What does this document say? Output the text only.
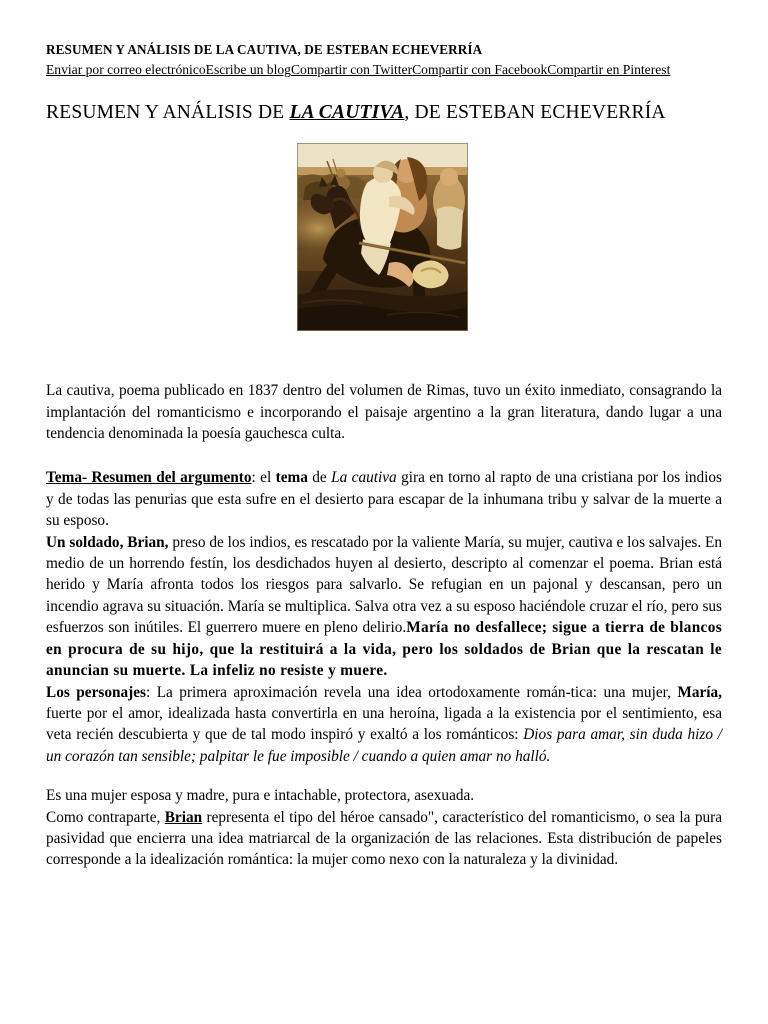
RESUMEN Y ANÁLISIS DE LA CAUTIVA, DE ESTEBAN ECHEVERRÍA
Enviar por correo electrónicoEscribe un blogCompartir con TwitterCompartir con FacebookCompartir en Pinterest
RESUMEN Y ANÁLISIS DE LA CAUTIVA, DE ESTEBAN ECHEVERRÍA

La cautiva, poema publicado en 1837 dentro del volumen de Rimas, tuvo un éxito inmediato, consagrando la implantación del romanticismo e incorporando el paisaje argentino a la gran literatura, dando lugar a una tendencia denominada la poesía gauchesca culta.

Tema- Resumen del argumento: el tema de La cautiva gira en torno al rapto de una cristiana por los indios y de todas las penurias que esta sufre en el desierto para escapar de la inhumana tribu y salvar de la muerte a su esposo.

Un soldado, Brian, preso de los indios, es rescatado por la valiente María, su mujer, cautiva e los salvajes. En medio de un horrendo festín, los desdichados huyen al desierto, descripto al comenzar el poema. Brian está herido y María afronta todos los riesgos para salvarlo. Se refugian en un pajonal y descansan, pero un incendio agrava su situación. María se multiplica. Salva otra vez a su esposo haciéndole cruzar el río, pero sus esfuerzos son inútiles. El guerrero muere en pleno delirio.María no desfallece; sigue a tierra de blancos en procura de su hijo, que la restituirá a la vida, pero los soldados de Brian que la rescatan le anuncian su muerte. La infeliz no resiste y muere.

Los personajes: La primera aproximación revela una idea ortodoxamente román-tica: una mujer, María, fuerte por el amor, idealizada hasta convertirla en una heroína, ligada a la existencia por el sentimiento, esa veta recién descubierta y que de tal modo inspiró y exaltó a los románticos: Dios para amar, sin duda hizo / un corazón tan sensible; palpitar le fue imposible / cuando a quien amar no halló.

Es una mujer esposa y madre, pura e intachable, protectora, asexuada.

Como contraparte, Brian representa el tipo del héroe cansado", característico del romanticismo, o sea la pura pasividad que encierra una idea matriarcal de la organización de las relaciones. Esta distribución de papeles corresponde a la idealización romántica: la mujer como nexo con la naturaleza y la divinidad.
